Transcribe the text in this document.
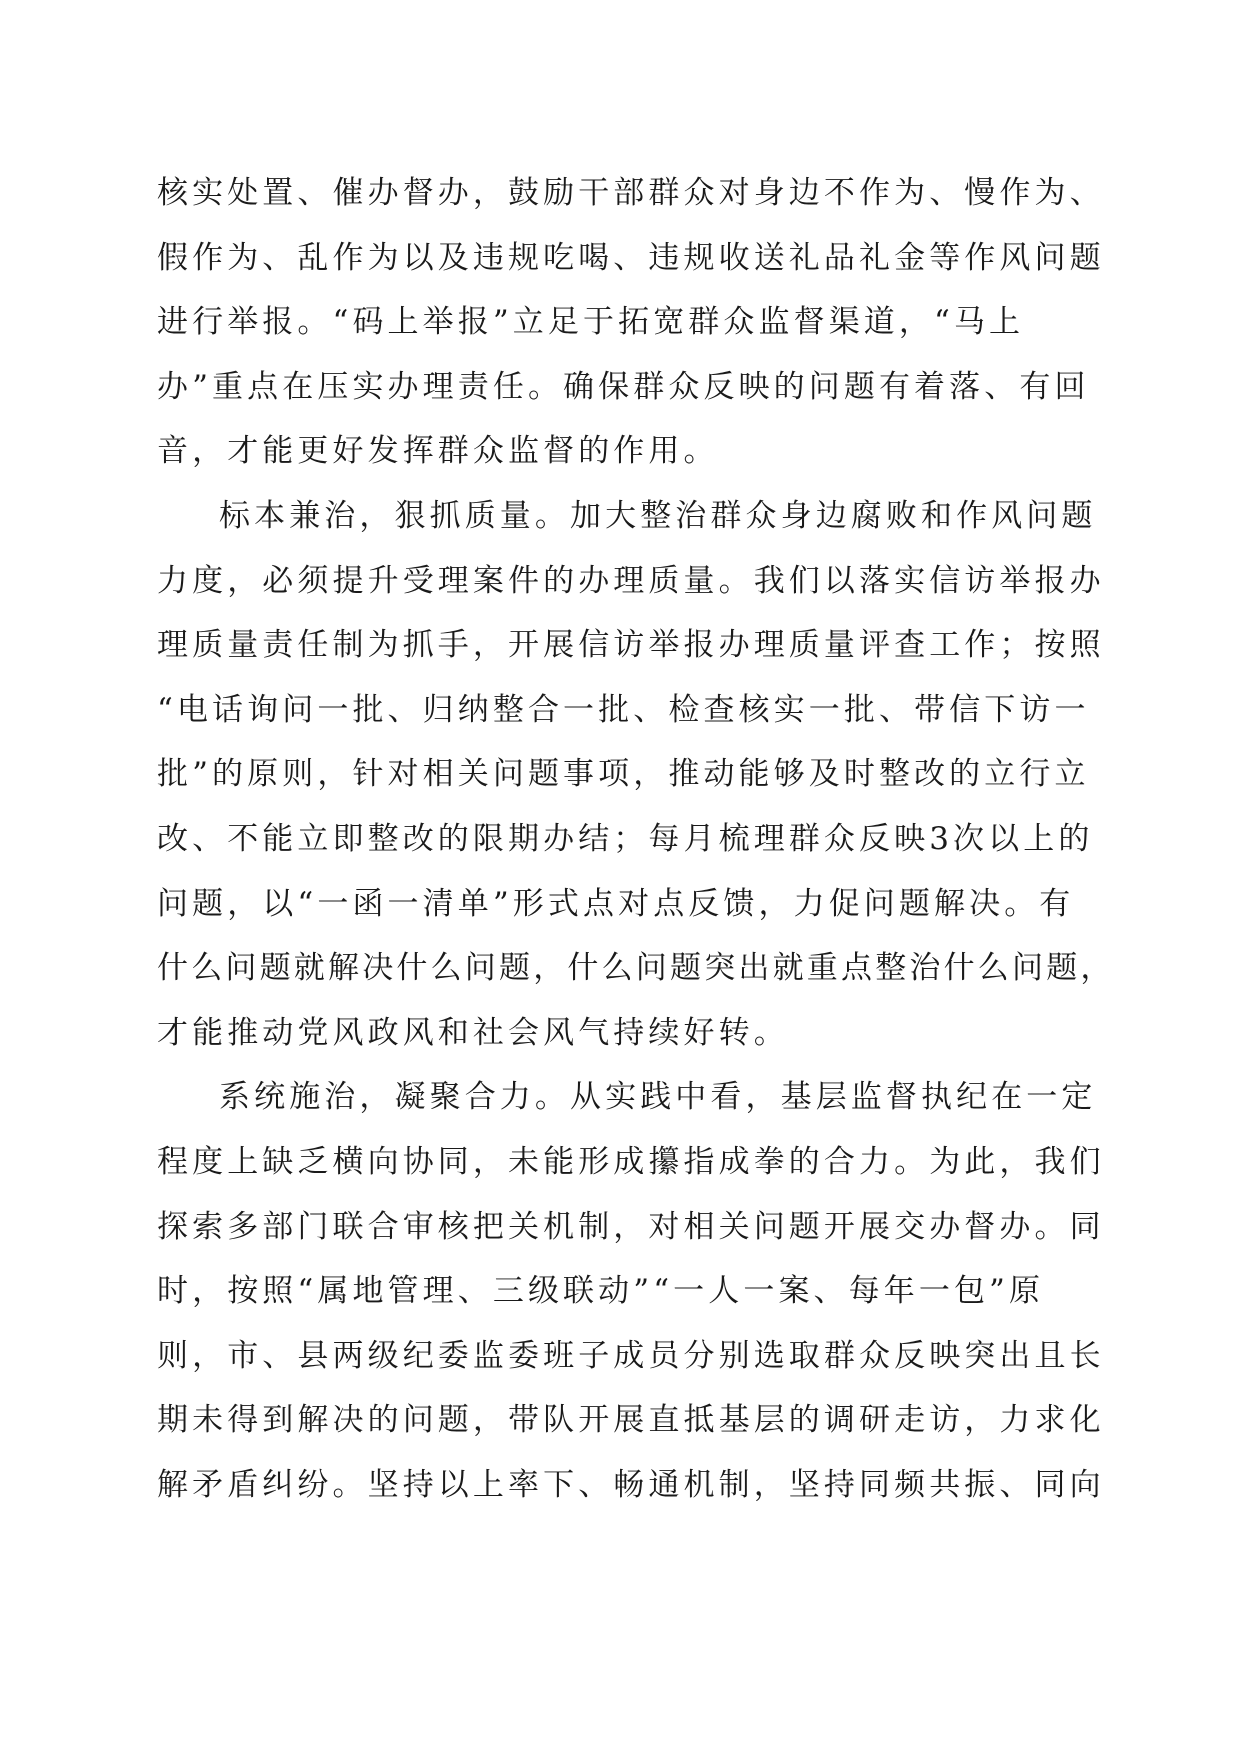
核实处置、催办督办，鼓励干部群众对身边不作为、慢作为、
假作为、乱作为以及违规吃喝、违规收送礼品礼金等作风问题
进行举报。“码上举报”立足于拓宽群众监督渠道，“马上
办”重点在压实办理责任。确保群众反映的问题有着落、有回
音，才能更好发挥群众监督的作用。
标本兼治，狠抓质量。加大整治群众身边腐败和作风问题
力度，必须提升受理案件的办理质量。我们以落实信访举报办
理质量责任制为抓手，开展信访举报办理质量评查工作；按照
“电话询问一批、归纳整合一批、检查核实一批、带信下访一
批”的原则，针对相关问题事项，推动能够及时整改的立行立
改、不能立即整改的限期办结；每月梳理群众反映3次以上的
问题，以“一函一清单”形式点对点反馈，力促问题解决。有
什么问题就解决什么问题，什么问题突出就重点整治什么问题，
才能推动党风政风和社会风气持续好转。
系统施治，凝聚合力。从实践中看，基层监督执纪在一定
程度上缺乏横向协同，未能形成攥指成拳的合力。为此，我们
探索多部门联合审核把关机制，对相关问题开展交办督办。同
时，按照“属地管理、三级联动”“一人一案、每年一包”原
则，市、县两级纪委监委班子成员分别选取群众反映突出且长
期未得到解决的问题，带队开展直抵基层的调研走访，力求化
解矛盾纠纷。坚持以上率下、畅通机制，坚持同频共振、同向
